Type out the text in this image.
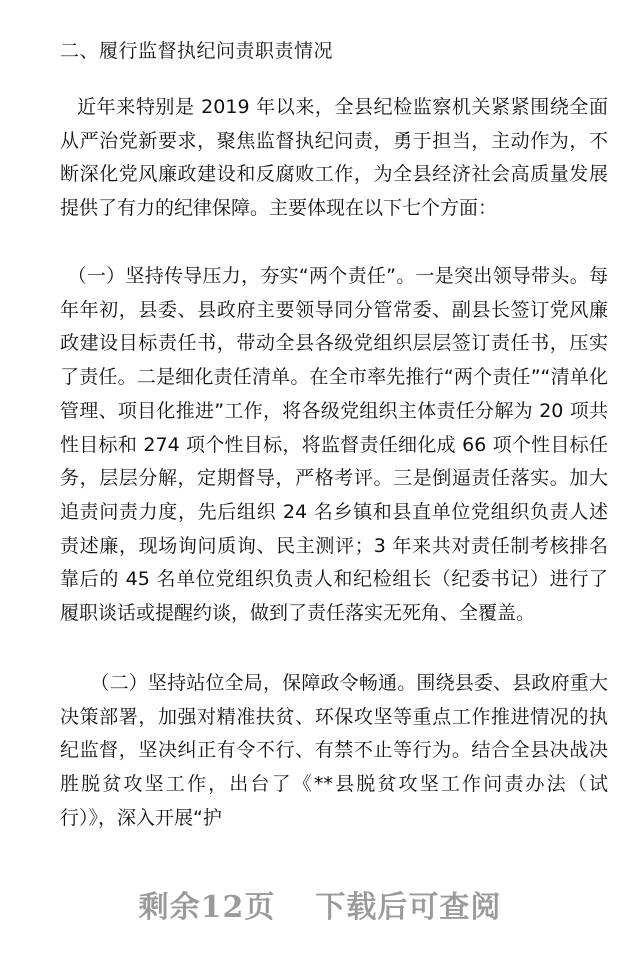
二、履行监督执纪问责职责情况

近年来特别是 2019 年以来，全县纪检监察机关紧紧围绕全面从严治党新要求，聚焦监督执纪问责，勇于担当，主动作为，不断深化党风廉政建设和反腐败工作，为全县经济社会高质量发展提供了有力的纪律保障。主要体现在以下七个方面：

（一）坚持传导压力，夯实“两个责任”。一是突出领导带头。每年年初，县委、县政府主要领导同分管常委、副县长签订党风廉政建设目标责任书，带动全县各级党组织层层签订责任书，压实了责任。二是细化责任清单。在全市率先推行“两个责任”“清单化管理、项目化推进”工作，将各级党组织主体责任分解为 20 项共性目标和 274 项个性目标，将监督责任细化成 66 项个性目标任务，层层分解，定期督导，严格考评。三是倒逼责任落实。加大追责问责力度，先后组织 24 名乡镇和县直单位党组织负责人述责述廉，现场询问质询、民主测评；3 年来共对责任制考核排名靠后的 45 名单位党组织负责人和纪检组长（纪委书记）进行了履职谈话或提醒约谈，做到了责任落实无死角、全覆盖。

（二）坚持站位全局，保障政令畅通。围绕县委、县政府重大决策部署，加强对精准扶贫、环保攻坚等重点工作推进情况的执纪监督，坚决纠正有令不行、有禁不止等行为。结合全县决战决胜脱贫攻坚工作，出台了《**县脱贫攻坚工作问责办法（试行）》，深入开展“护

剩余12页 下载后可查阅
